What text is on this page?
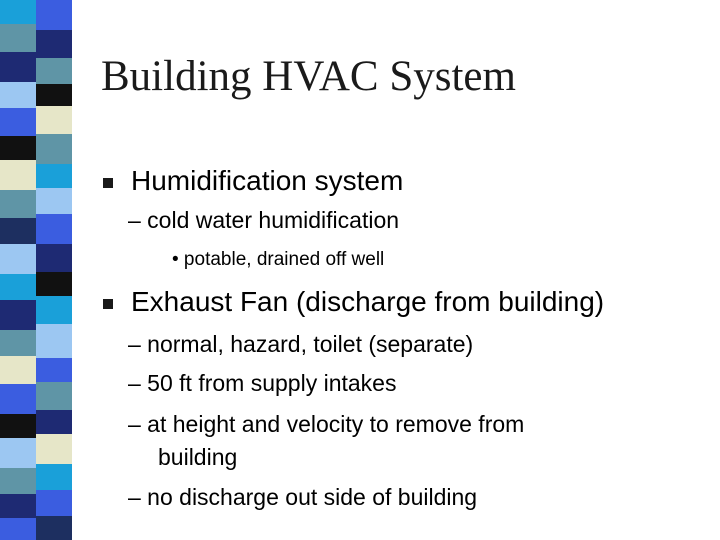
Building HVAC System
Humidification system
– cold water humidification
• potable, drained off well
Exhaust Fan (discharge from building)
– normal, hazard, toilet (separate)
– 50 ft from supply intakes
– at height and velocity to remove from
building
– no discharge out side of building
